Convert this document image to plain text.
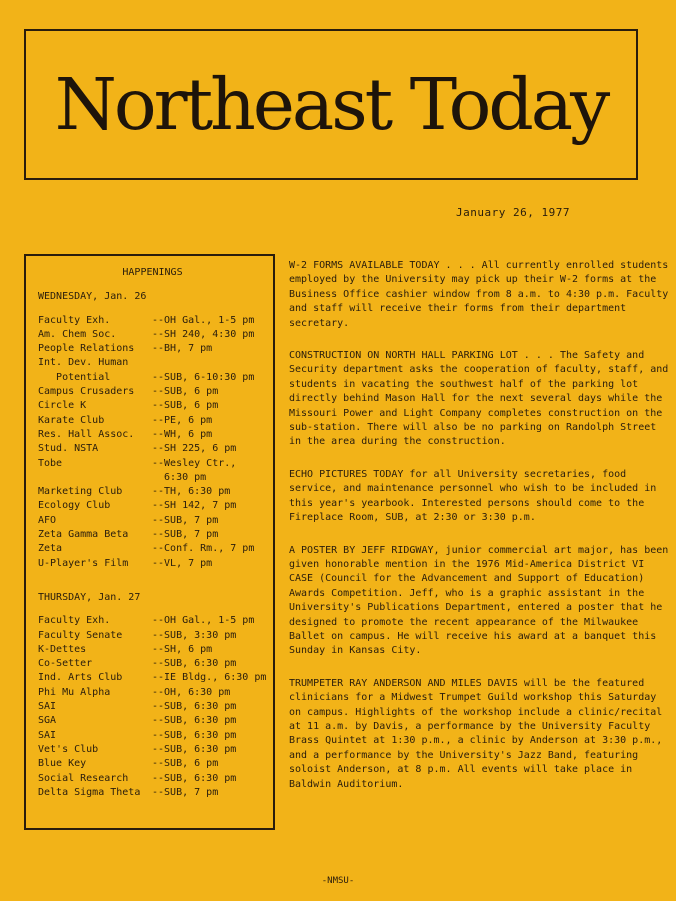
Northeast Today
January 26, 1977
HAPPENINGS
WEDNESDAY, Jan. 26
Faculty Exh.	--OH Gal., 1-5 pm
Am. Chem Soc.	--SH 240, 4:30 pm
People Relations	--BH, 7 pm
Int. Dev. Human
Potential	--SUB, 6-10:30 pm
Campus Crusaders	--SUB, 6 pm
Circle K	--SUB, 6 pm
Karate Club	--PE, 6 pm
Res. Hall Assoc.	--WH, 6 pm
Stud. NSTA	--SH 225, 6 pm
Tobe	--Wesley Ctr.,
6:30 pm
Marketing Club	--TH, 6:30 pm
Ecology Club	--SH 142, 7 pm
AFO	--SUB, 7 pm
Zeta Gamma Beta	--SUB, 7 pm
Zeta	--Conf. Rm., 7 pm
U-Player's Film	--VL, 7 pm
THURSDAY, Jan. 27
Faculty Exh.	--OH Gal., 1-5 pm
Faculty Senate	--SUB, 3:30 pm
K-Dettes	--SH, 6 pm
Co-Setter	--SUB, 6:30 pm
Ind. Arts Club	--IE Bldg., 6:30 pm
Phi Mu Alpha	--OH, 6:30 pm
SAI	--SUB, 6:30 pm
SGA	--SUB, 6:30 pm
SAI	--SUB, 6:30 pm
Vet's Club	--SUB, 6:30 pm
Blue Key	--SUB, 6 pm
Social Research	--SUB, 6:30 pm
Delta Sigma Theta	--SUB, 7 pm

W-2 FORMS AVAILABLE TODAY . . . All currently enrolled students employed by the University may pick up their W-2 forms at the Business Office cashier window from 8 a.m. to 4:30 p.m. Faculty and staff will receive their forms from their department secretary.

CONSTRUCTION ON NORTH HALL PARKING LOT . . . The Safety and Security department asks the cooperation of faculty, staff, and students in vacating the southwest half of the parking lot directly behind Mason Hall for the next several days while the Missouri Power and Light Company completes construction on the sub-station. There will also be no parking on Randolph Street in the area during the construction.

ECHO PICTURES TODAY for all University secretaries, food service, and maintenance personnel who wish to be included in this year's yearbook. Interested persons should come to the Fireplace Room, SUB, at 2:30 or 3:30 p.m.

A POSTER BY JEFF RIDGWAY, junior commercial art major, has been given honorable mention in the 1976 Mid-America District VI CASE (Council for the Advancement and Support of Education) Awards Competition. Jeff, who is a graphic assistant in the University's Publications Department, entered a poster that he designed to promote the recent appearance of the Milwaukee Ballet on campus. He will receive his award at a banquet this Sunday in Kansas City.

TRUMPETER RAY ANDERSON AND MILES DAVIS will be the featured clinicians for a Midwest Trumpet Guild workshop this Saturday on campus. Highlights of the workshop include a clinic/recital at 11 a.m. by Davis, a performance by the University Faculty Brass Quintet at 1:30 p.m., a clinic by Anderson at 3:30 p.m., and a performance by the University's Jazz Band, featuring soloist Anderson, at 8 p.m. All events will take place in Baldwin Auditorium.

-NMSU-
